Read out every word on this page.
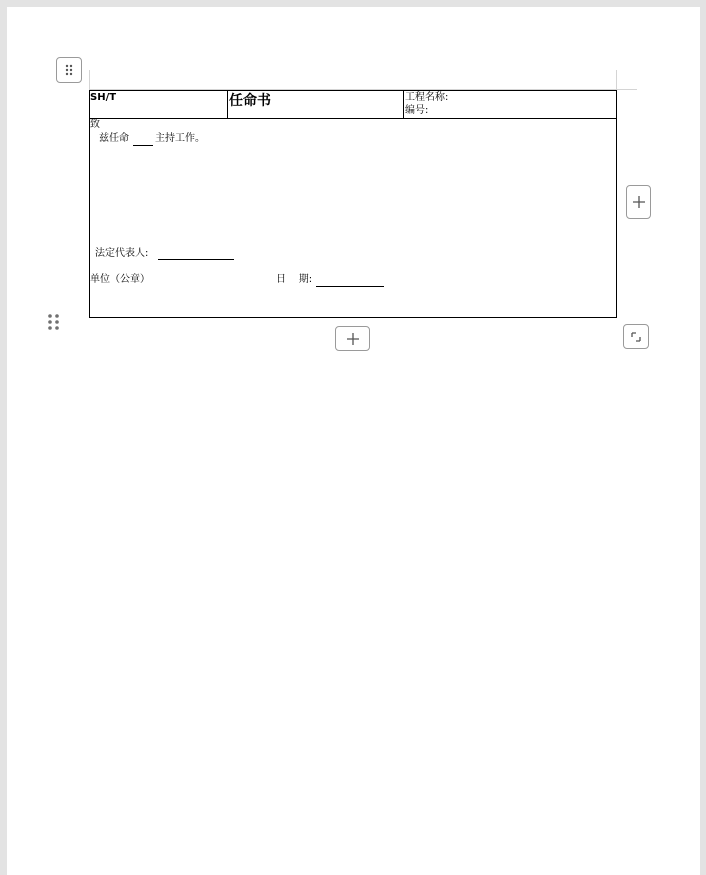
SH/T	任命书	工程名称:
编号:
致
兹任命	主持工作。
法定代表人:
单位（公章）	日    期:
